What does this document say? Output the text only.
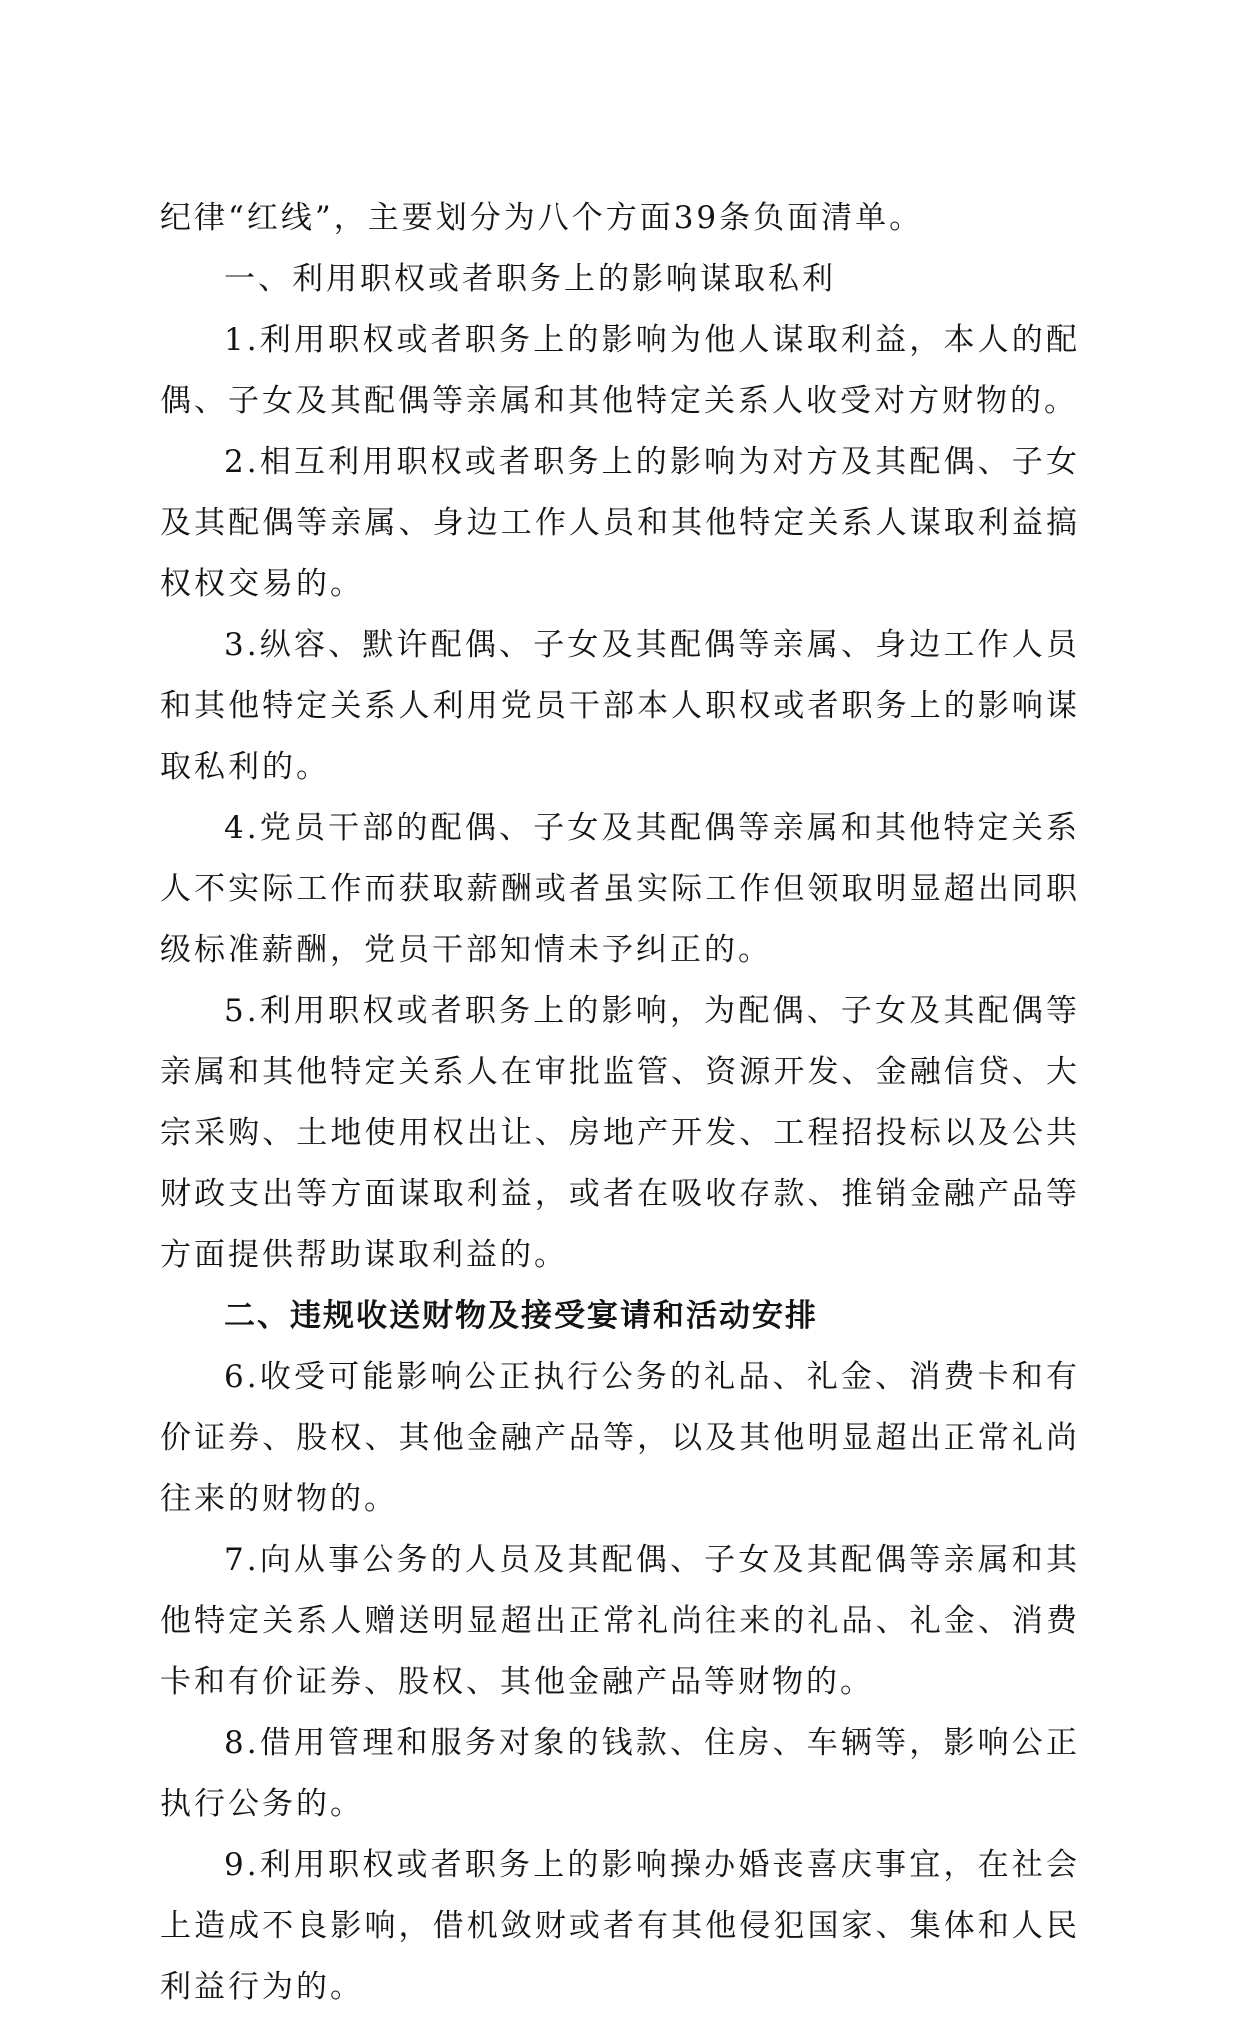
纪律“红线”，主要划分为八个方面39条负面清单。

一、利用职权或者职务上的影响谋取私利

1.利用职权或者职务上的影响为他人谋取利益，本人的配偶、子女及其配偶等亲属和其他特定关系人收受对方财物的。

2.相互利用职权或者职务上的影响为对方及其配偶、子女及其配偶等亲属、身边工作人员和其他特定关系人谋取利益搞权权交易的。

3.纵容、默许配偶、子女及其配偶等亲属、身边工作人员和其他特定关系人利用党员干部本人职权或者职务上的影响谋取私利的。

4.党员干部的配偶、子女及其配偶等亲属和其他特定关系人不实际工作而获取薪酬或者虽实际工作但领取明显超出同职级标准薪酬，党员干部知情未予纠正的。

5.利用职权或者职务上的影响，为配偶、子女及其配偶等亲属和其他特定关系人在审批监管、资源开发、金融信贷、大宗采购、土地使用权出让、房地产开发、工程招投标以及公共财政支出等方面谋取利益，或者在吸收存款、推销金融产品等方面提供帮助谋取利益的。

二、违规收送财物及接受宴请和活动安排

6.收受可能影响公正执行公务的礼品、礼金、消费卡和有价证券、股权、其他金融产品等，以及其他明显超出正常礼尚往来的财物的。

7.向从事公务的人员及其配偶、子女及其配偶等亲属和其他特定关系人赠送明显超出正常礼尚往来的礼品、礼金、消费卡和有价证券、股权、其他金融产品等财物的。

8.借用管理和服务对象的钱款、住房、车辆等，影响公正执行公务的。

9.利用职权或者职务上的影响操办婚丧喜庆事宜，在社会上造成不良影响，借机敛财或者有其他侵犯国家、集体和人民利益行为的。
